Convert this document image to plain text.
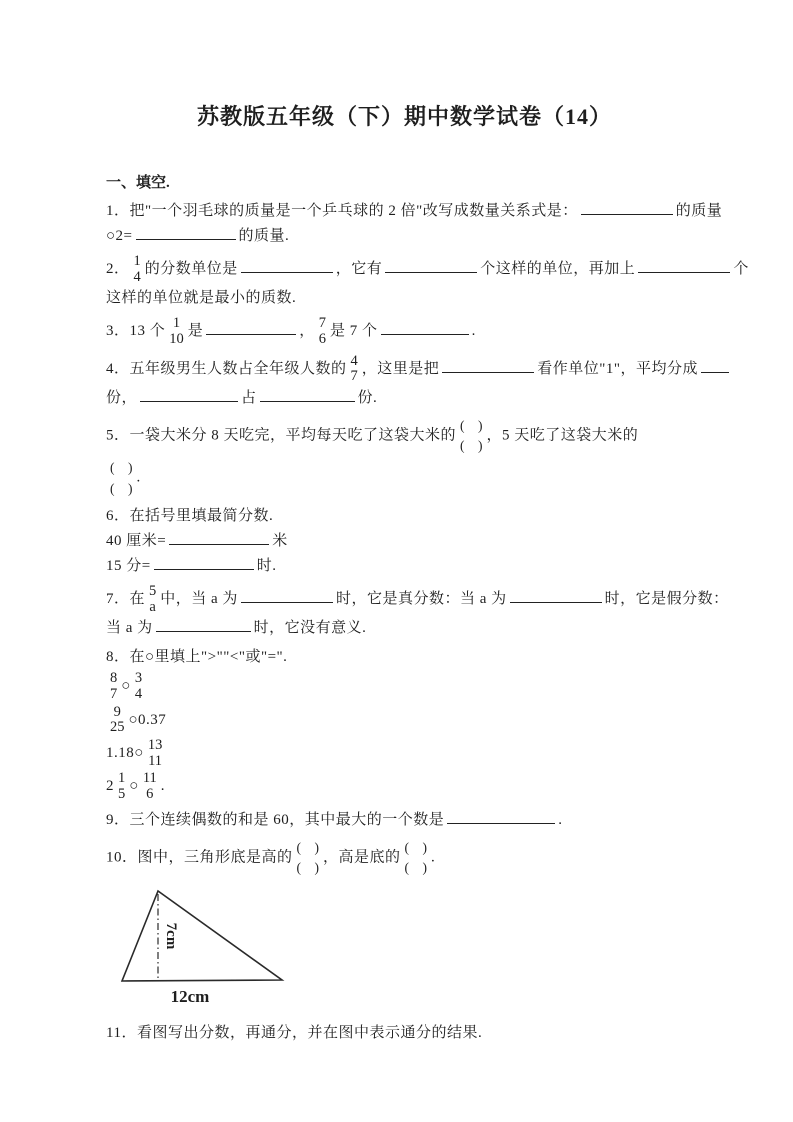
苏教版五年级（下）期中数学试卷（14）
一、填空.
1．把"一个羽毛球的质量是一个乒乓球的 2 倍"改写成数量关系式是：	的质量
○2=	的质量.
2．
1
4 的分数单位是	，它有	个这样的单位，再加上	个
这样的单位就是最小的质数.
3．13 个
1
10 是	，
7
6 是 7 个	.
4．五年级男生人数占全年级人数的
4
7 ，这里是把	看作单位"1"，平均分成
份，	占	份.
5．一袋大米分 8 天吃完，平均每天吃了这袋大米的
(　)
(　)
，5 天吃了这袋大米的
(　)
(　)
.
6．在括号里填最简分数.
40 厘米=	米
15 分=	时.
7．在
5
a 中，当 a 为	时，它是真分数：当 a 为	时，它是假分数：
当 a 为	时，它没有意义.
8．在○里填上">""<"或"=".
8
7 ○
3
4
9
25 ○0.37
1.18○
13
11
2
1
5 ○
11
6 .
9．三个连续偶数的和是 60，其中最大的一个数是	.
10．图中，三角形底是高的
(　)
(　)
，高是底的
(　)
(　)
.
7cm
12cm
11．看图写出分数，再通分，并在图中表示通分的结果.
